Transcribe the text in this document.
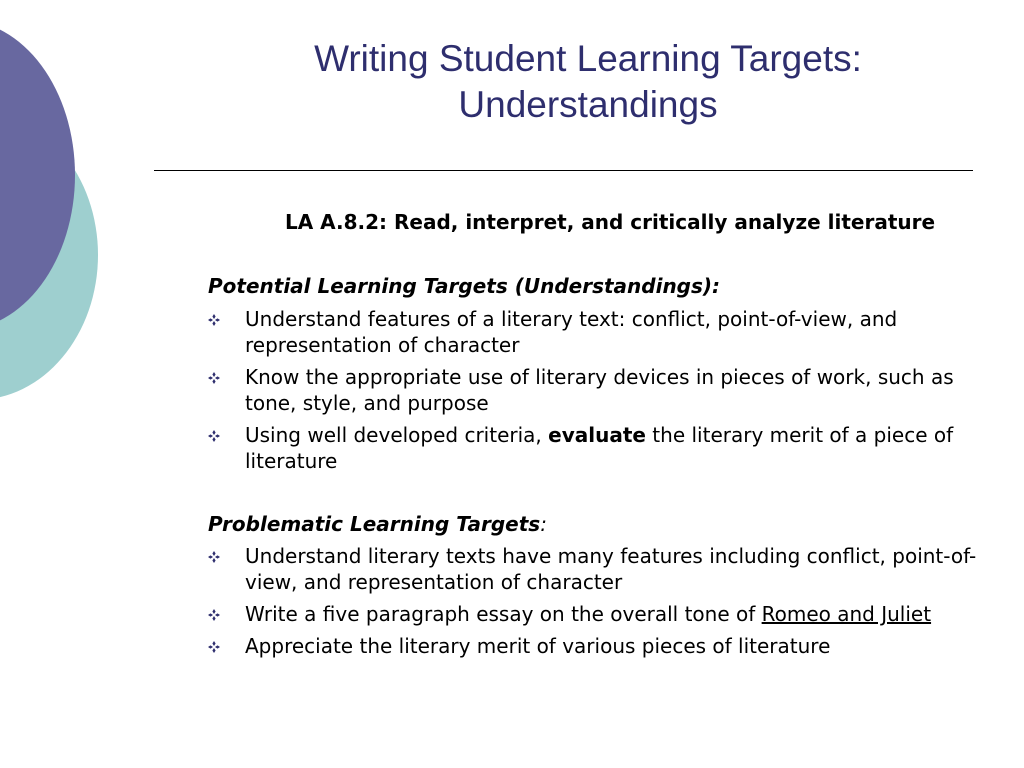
Writing Student Learning Targets:
Understandings
LA A.8.2: Read, interpret, and critically analyze literature
Potential Learning Targets (Understandings):
Understand features of a literary text: conflict, point-of-view, and representation of character
Know the appropriate use of literary devices in pieces of work, such as tone, style, and purpose
Using well developed criteria, evaluate the literary merit of a piece of literature
Problematic Learning Targets:
Understand literary texts have many features including conflict, point-of-view, and representation of character
Write a five paragraph essay on the overall tone of Romeo and Juliet
Appreciate the literary merit of various pieces of literature
